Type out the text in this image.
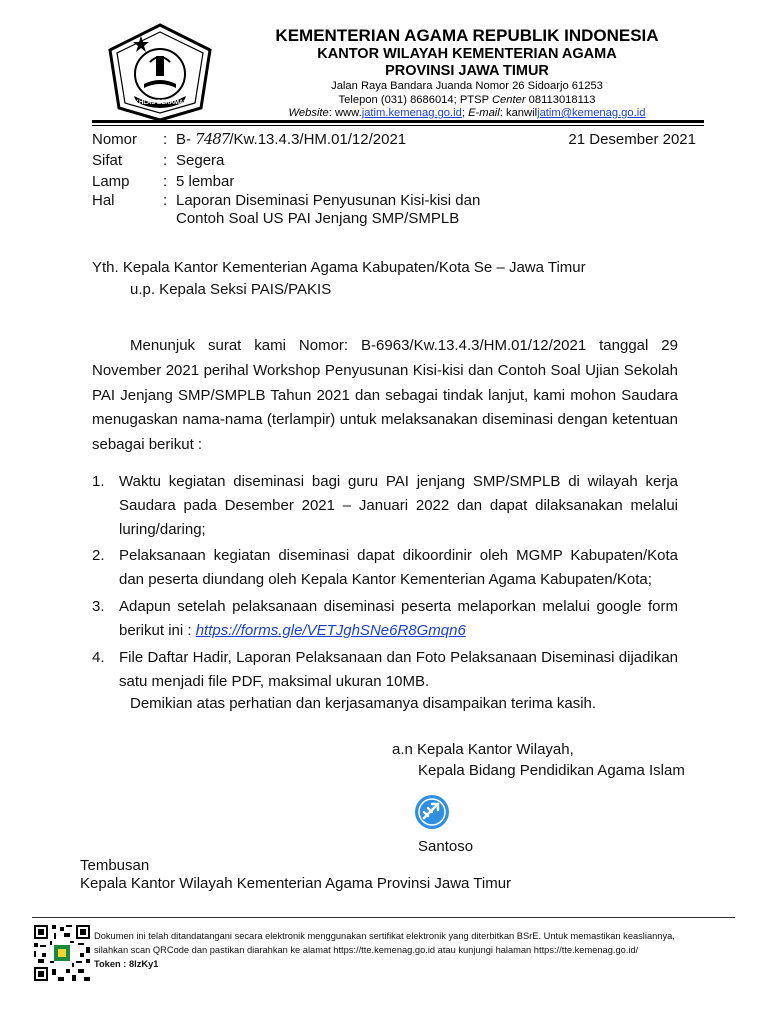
IKHLAS BERAMAL
KEMENTERIAN AGAMA REPUBLIK INDONESIA
KANTOR WILAYAH KEMENTERIAN AGAMA
PROVINSI JAWA TIMUR
Jalan Raya Bandara Juanda Nomor 26 Sidoarjo 61253
Telepon (031) 8686014; PTSP Center 08113018113
Website: www.jatim.kemenag.go.id; E-mail: kanwiljatim@kemenag.go.id
Nomor	: B- 7487/Kw.13.4.3/HM.01/12/2021	21 Desember 2021
Sifat	: Segera
Lamp	: 5 lembar
Hal	: Laporan Diseminasi Penyusunan Kisi-kisi dan
Contoh Soal US PAI Jenjang SMP/SMPLB
Yth. Kepala Kantor Kementerian Agama Kabupaten/Kota Se – Jawa Timur
u.p. Kepala Seksi PAIS/PAKIS
Menunjuk surat kami Nomor: B-6963/Kw.13.4.3/HM.01/12/2021 tanggal 29 November 2021 perihal Workshop Penyusunan Kisi-kisi dan Contoh Soal Ujian Sekolah PAI Jenjang SMP/SMPLB Tahun 2021 dan sebagai tindak lanjut, kami mohon Saudara menugaskan nama-nama (terlampir) untuk melaksanakan diseminasi dengan ketentuan sebagai berikut :
1. Waktu kegiatan diseminasi bagi guru PAI jenjang SMP/SMPLB di wilayah kerja Saudara pada Desember 2021 – Januari 2022 dan dapat dilaksanakan melalui luring/daring;
2. Pelaksanaan kegiatan diseminasi dapat dikoordinir oleh MGMP Kabupaten/Kota dan peserta diundang oleh Kepala Kantor Kementerian Agama Kabupaten/Kota;
3. Adapun setelah pelaksanaan diseminasi peserta melaporkan melalui google form berikut ini : https://forms.gle/VETJghSNe6R8Gmqn6
4. File Daftar Hadir, Laporan Pelaksanaan dan Foto Pelaksanaan Diseminasi dijadikan satu menjadi file PDF, maksimal ukuran 10MB.
Demikian atas perhatian dan kerjasamanya disampaikan terima kasih.
a.n Kepala Kantor Wilayah,
Kepala Bidang Pendidikan Agama Islam
Santoso
Tembusan
Kepala Kantor Wilayah Kementerian Agama Provinsi Jawa Timur
Dokumen ini telah ditandatangani secara elektronik menggunakan sertifikat elektronik yang diterbitkan BSrE. Untuk memastikan keasliannya,
silahkan scan QRCode dan pastikan diarahkan ke alamat https://tte.kemenag.go.id atau kunjungi halaman https://tte.kemenag.go.id/
Token : 8lzKy1
